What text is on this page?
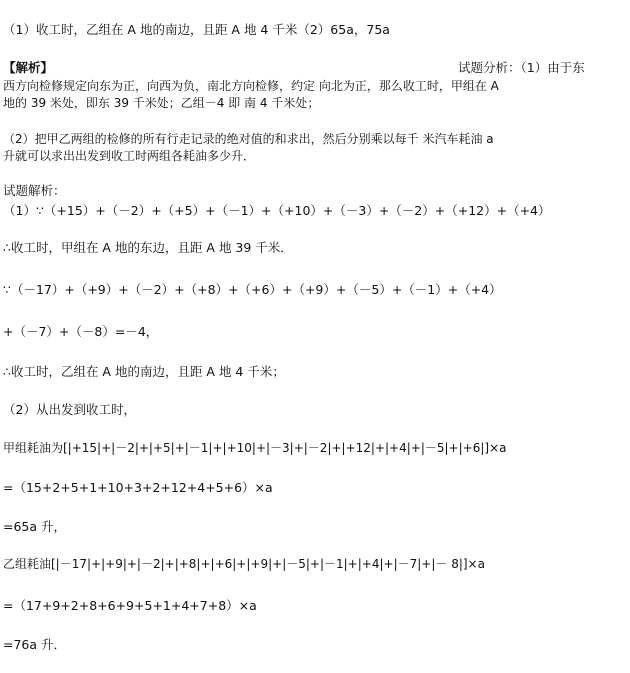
（1）收工时，乙组在 A 地的南边，且距 A 地 4 千米（2）65a，75a
【解析】	试题分析：（1）由于东
西方向检修规定向东为正，向西为负，南北方向检修，约定 向北为正，那么收工时，甲组在 A
地的 39 米处，即东 39 千米处；乙组－4 即 南 4 千米处；
（2）把甲乙两组的检修的所有行走记录的绝对值的和求出，然后分别乘以每千 米汽车耗油 a
升就可以求出出发到收工时两组各耗油多少升．
试题解析：
（1）∵（+15）+（－2）+（+5）+（－1）+（+10）+（－3）+（－2）+（+12）+（+4）
∴收工时，甲组在 A 地的东边，且距 A 地 39 千米．
∵（－17）+（+9）+（－2）+（+8）+（+6）+（+9）+（－5）+（－1）+（+4）
+（－7）+（－8）=－4，
∴收工时，乙组在 A 地的南边，且距 A 地 4 千米；
（2）从出发到收工时，
甲组耗油为[|+15|+|－2|+|+5|+|－1|+|+10|+|－3|+|－2|+|+12|+|+4|+|－5|+|+6|]×a
=（15+2+5+1+10+3+2+12+4+5+6）×a
=65a 升，
乙组耗油[|－17|+|+9|+|－2|+|+8|+|+6|+|+9|+|－5|+|－1|+|+4|+|－7|+|－ 8|]×a
=（17+9+2+8+6+9+5+1+4+7+8）×a
=76a 升．
